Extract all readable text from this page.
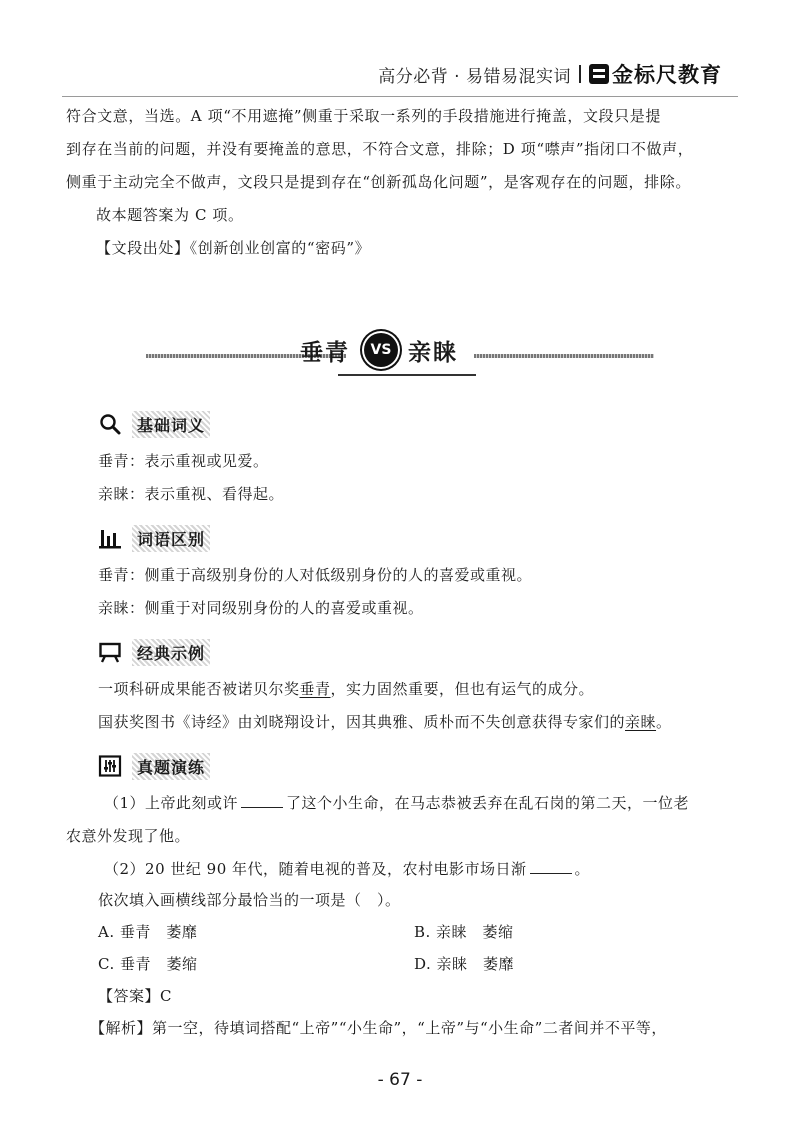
高分必背 · 易错易混实词 金标尺教育
符合文意，当选。A 项“不用遮掩”侧重于采取一系列的手段措施进行掩盖，文段只是提
到存在当前的问题，并没有要掩盖的意思，不符合文意，排除；D 项“噤声”指闭口不做声，
侧重于主动完全不做声，文段只是提到存在“创新孤岛化问题”，是客观存在的问题，排除。
故本题答案为 C 项。
【文段出处】《创新创业创富的“密码”》
垂青	VS 亲睐
基础词义
垂青：表示重视或见爱。
亲睐：表示重视、看得起。
词语区别
垂青：侧重于高级别身份的人对低级别身份的人的喜爱或重视。
亲睐：侧重于对同级别身份的人的喜爱或重视。
经典示例
一项科研成果能否被诺贝尔奖垂青，实力固然重要，但也有运气的成分。
国获奖图书《诗经》由刘晓翔设计，因其典雅、质朴而不失创意获得专家们的亲睐。
真题演练
（1）上帝此刻或许	了这个小生命，在马志恭被丢弃在乱石岗的第二天，一位老
农意外发现了他。
（2）20 世纪 90 年代，随着电视的普及，农村电影市场日渐	。
依次填入画横线部分最恰当的一项是（　）。
A. 垂青　萎靡	B. 亲睐　萎缩
C. 垂青　萎缩	D. 亲睐　萎靡
【答案】C
【解析】第一空，待填词搭配“上帝”“小生命”，“上帝”与“小生命”二者间并不平等，
- 67 -
